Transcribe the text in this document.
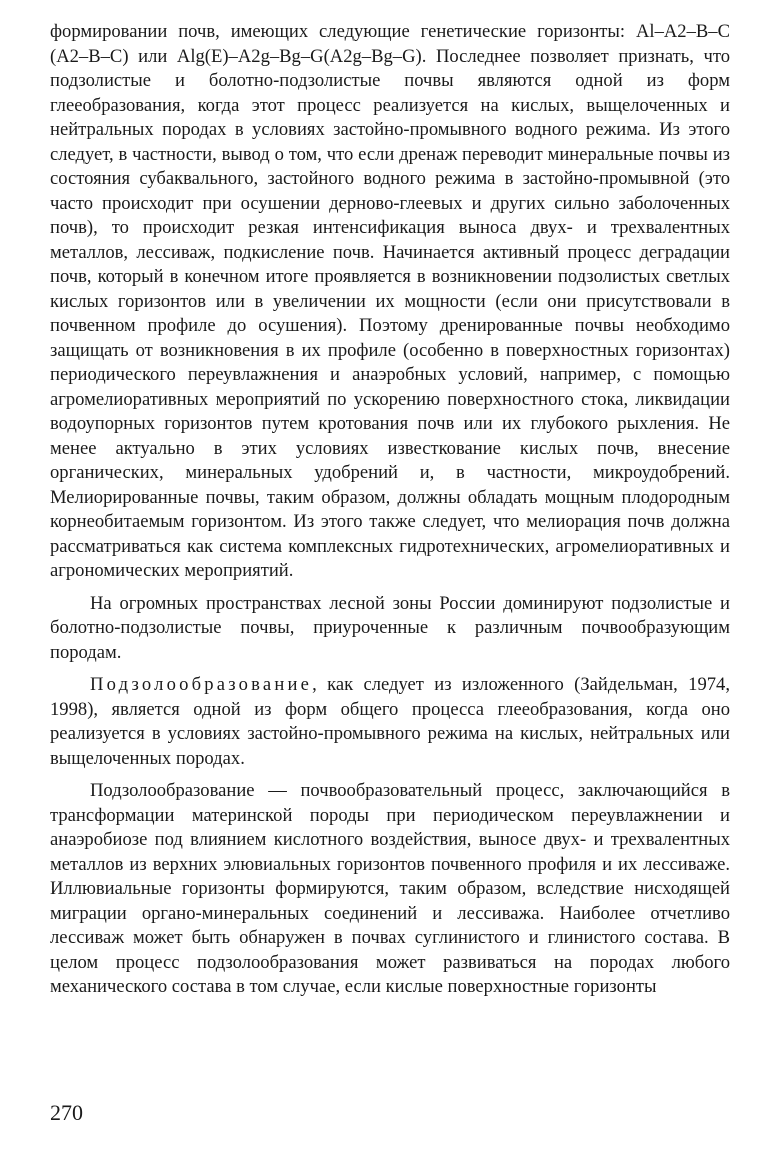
формировании почв, имеющих следующие генетические горизонты: Al–A2–B–C (A2–B–C) или Alg(E)–A2g–Bg–G(A2g–Bg–G). Последнее позволяет признать, что подзолистые и болотно-подзолистые почвы являются одной из форм глееобразования, когда этот процесс реализуется на кислых, выщелоченных и нейтральных породах в условиях застойно-промывного водного режима. Из этого следует, в частности, вывод о том, что если дренаж переводит минеральные почвы из состояния субаквального, застойного водного режима в застойно-промывной (это часто происходит при осушении дерново-глеевых и других сильно заболоченных почв), то происходит резкая интенсификация выноса двух- и трехвалентных металлов, лессиваж, подкисление почв. Начинается активный процесс деградации почв, который в конечном итоге проявляется в возникновении подзолистых светлых кислых горизонтов или в увеличении их мощности (если они присутствовали в почвенном профиле до осушения). Поэтому дренированные почвы необходимо защищать от возникновения в их профиле (особенно в поверхностных горизонтах) периодического переувлажнения и анаэробных условий, например, с помощью агромелиоративных мероприятий по ускорению поверхностного стока, ликвидации водоупорных горизонтов путем кротования почв или их глубокого рыхления. Не менее актуально в этих условиях известкование кислых почв, внесение органических, минеральных удобрений и, в частности, микроудобрений. Мелиорированные почвы, таким образом, должны обладать мощным плодородным корнеобитаемым горизонтом. Из этого также следует, что мелиорация почв должна рассматриваться как система комплексных гидротехнических, агромелиоративных и агрономических мероприятий.

На огромных пространствах лесной зоны России доминируют подзолистые и болотно-подзолистые почвы, приуроченные к различным почвообразующим породам.

Подзолообразование, как следует из изложенного (Зайдельман, 1974, 1998), является одной из форм общего процесса глееобразования, когда оно реализуется в условиях застойно-промывного режима на кислых, нейтральных или выщелоченных породах.

Подзолообразование — почвообразовательный процесс, заключающийся в трансформации материнской породы при периодическом переувлажнении и анаэробиозе под влиянием кислотного воздействия, выносе двух- и трехвалентных металлов из верхних элювиальных горизонтов почвенного профиля и их лессиваже. Иллювиальные горизонты формируются, таким образом, вследствие нисходящей миграции органо-минеральных соединений и лессиважа. Наиболее отчетливо лессиваж может быть обнаружен в почвах суглинистого и глинистого состава. В целом процесс подзолообразования может развиваться на породах любого механического состава в том случае, если кислые поверхностные горизонты

270
